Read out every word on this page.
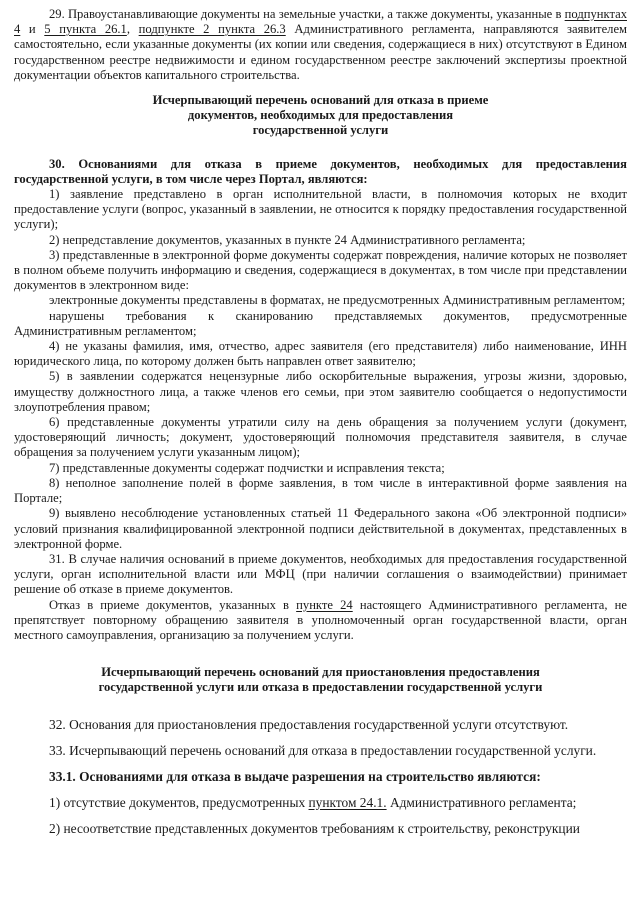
29. Правоустанавливающие документы на земельные участки, а также документы, указанные в подпунктах 4 и 5 пункта 26.1, подпункте 2 пункта 26.3 Административного регламента, направляются заявителем самостоятельно, если указанные документы (их копии или сведения, содержащиеся в них) отсутствуют в Едином государственном реестре недвижимости и едином государственном реестре заключений экспертизы проектной документации объектов капитального строительства.

Исчерпывающий перечень оснований для отказа в приеме
документов, необходимых для предоставления
государственной услуги

30. Основаниями для отказа в приеме документов, необходимых для предоставления государственной услуги, в том числе через Портал, являются:

1) заявление представлено в орган исполнительной власти, в полномочия которых не входит предоставление услуги (вопрос, указанный в заявлении, не относится к порядку предоставления государственной услуги);

2) непредставление документов, указанных в пункте 24 Административного регламента;

3) представленные в электронной форме документы содержат повреждения, наличие которых не позволяет в полном объеме получить информацию и сведения, содержащиеся в документах, в том числе при представлении документов в электронном виде:

электронные документы представлены в форматах, не предусмотренных Административным регламентом;

нарушены требования к сканированию представляемых документов, предусмотренные Административным регламентом;

4) не указаны фамилия, имя, отчество, адрес заявителя (его представителя) либо наименование, ИНН юридического лица, по которому должен быть направлен ответ заявителю;

5) в заявлении содержатся нецензурные либо оскорбительные выражения, угрозы жизни, здоровью, имуществу должностного лица, а также членов его семьи, при этом заявителю сообщается о недопустимости злоупотребления правом;

6) представленные документы утратили силу на день обращения за получением услуги (документ, удостоверяющий личность; документ, удостоверяющий полномочия представителя заявителя, в случае обращения за получением услуги указанным лицом);

7) представленные документы содержат подчистки и исправления текста;

8) неполное заполнение полей в форме заявления, в том числе в интерактивной форме заявления на Портале;

9) выявлено несоблюдение установленных статьей 11 Федерального закона «Об электронной подписи» условий признания квалифицированной электронной подписи действительной в документах, представленных в электронной форме.

31. В случае наличия оснований в приеме документов, необходимых для предоставления государственной услуги, орган исполнительной власти или МФЦ (при наличии соглашения о взаимодействии) принимает решение об отказе в приеме документов.

Отказ в приеме документов, указанных в пункте 24 настоящего Административного регламента, не препятствует повторному обращению заявителя в уполномоченный орган государственной власти, орган местного самоуправления, организацию за получением услуги.

Исчерпывающий перечень оснований для приостановления предоставления
государственной услуги или отказа в предоставлении государственной услуги

32. Основания для приостановления предоставления государственной услуги отсутствуют.

33. Исчерпывающий перечень оснований для отказа в предоставлении государственной услуги.

33.1. Основаниями для отказа в выдаче разрешения на строительство являются:

1) отсутствие документов, предусмотренных пунктом 24.1. Административного регламента;

2) несоответствие представленных документов требованиям к строительству, реконструкции
